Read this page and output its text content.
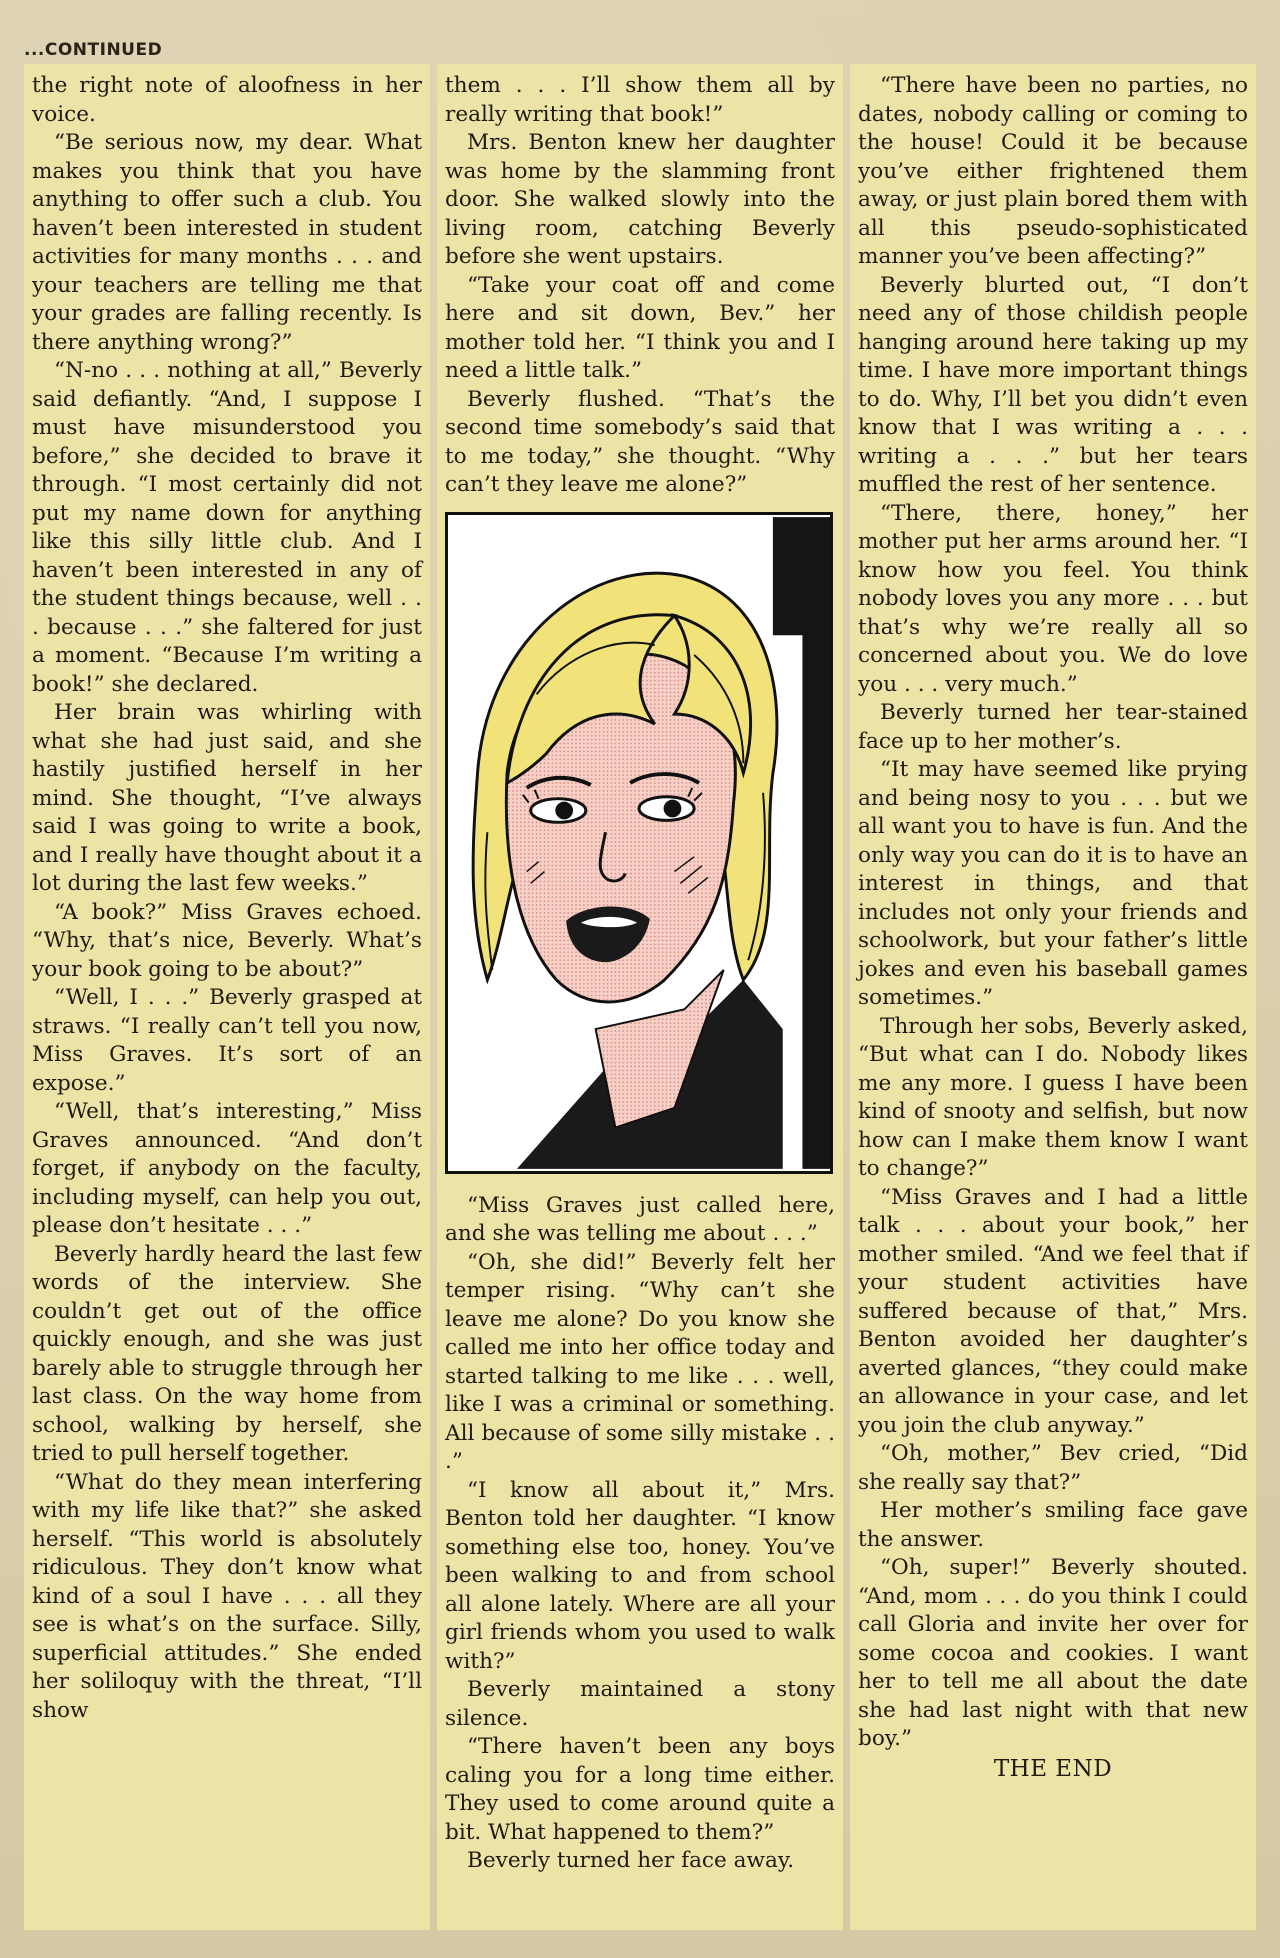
...CONTINUED

the right note of aloofness in her voice.

“Be serious now, my dear. What makes you think that you have anything to offer such a club. You haven’t been interested in student activities for many months . . . and your teachers are telling me that your grades are falling recently. Is there anything wrong?”

“N-no . . . nothing at all,” Beverly said defiantly. “And, I suppose I must have misunderstood you before,” she decided to brave it through. “I most certainly did not put my name down for anything like this silly little club. And I haven’t been interested in any of the student things because, well . . . because . . .” she faltered for just a moment. “Because I’m writing a book!” she declared.

Her brain was whirling with what she had just said, and she hastily justified herself in her mind. She thought, “I’ve always said I was going to write a book, and I really have thought about it a lot during the last few weeks.”

“A book?” Miss Graves echoed. “Why, that’s nice, Beverly. What’s your book going to be about?”

“Well, I . . .” Beverly grasped at straws. “I really can’t tell you now, Miss Graves. It’s sort of an expose.”

“Well, that’s interesting,” Miss Graves announced. “And don’t forget, if anybody on the faculty, including myself, can help you out, please don’t hesitate . . .”

Beverly hardly heard the last few words of the interview. She couldn’t get out of the office quickly enough, and she was just barely able to struggle through her last class. On the way home from school, walking by herself, she tried to pull herself together.

“What do they mean interfering with my life like that?” she asked herself. “This world is absolutely ridiculous. They don’t know what kind of a soul I have . . . all they see is what’s on the surface. Silly, superficial attitudes.” She ended her soliloquy with the threat, “I’ll show

them . . . I’ll show them all by really writing that book!”

Mrs. Benton knew her daughter was home by the slamming front door. She walked slowly into the living room, catching Beverly before she went upstairs.

“Take your coat off and come here and sit down, Bev.” her mother told her. “I think you and I need a little talk.”

Beverly flushed. “That’s the second time somebody’s said that to me today,” she thought. “Why can’t they leave me alone?”

“Miss Graves just called here, and she was telling me about . . .”

“Oh, she did!” Beverly felt her temper rising. “Why can’t she leave me alone? Do you know she called me into her office today and started talking to me like . . . well, like I was a criminal or something. All because of some silly mistake . . .”

“I know all about it,” Mrs. Benton told her daughter. “I know something else too, honey. You’ve been walking to and from school all alone lately. Where are all your girl friends whom you used to walk with?”

Beverly maintained a stony silence.

“There haven’t been any boys caling you for a long time either. They used to come around quite a bit. What happened to them?”

Beverly turned her face away.

“There have been no parties, no dates, nobody calling or coming to the house! Could it be because you’ve either frightened them away, or just plain bored them with all this pseudo-sophisticated manner you’ve been affecting?”

Beverly blurted out, “I don’t need any of those childish people hanging around here taking up my time. I have more important things to do. Why, I’ll bet you didn’t even know that I was writing a . . . writing a . . .” but her tears muffled the rest of her sentence.

“There, there, honey,” her mother put her arms around her. “I know how you feel. You think nobody loves you any more . . . but that’s why we’re really all so concerned about you. We do love you . . . very much.”

Beverly turned her tear-stained face up to her mother’s.

“It may have seemed like prying and being nosy to you . . . but we all want you to have is fun. And the only way you can do it is to have an interest in things, and that includes not only your friends and schoolwork, but your father’s little jokes and even his baseball games sometimes.”

Through her sobs, Beverly asked, “But what can I do. Nobody likes me any more. I guess I have been kind of snooty and selfish, but now how can I make them know I want to change?”

“Miss Graves and I had a little talk . . . about your book,” her mother smiled. “And we feel that if your student activities have suffered because of that,” Mrs. Benton avoided her daughter’s averted glances, “they could make an allowance in your case, and let you join the club anyway.”

“Oh, mother,” Bev cried, “Did she really say that?”

Her mother’s smiling face gave the answer.

“Oh, super!” Beverly shouted. “And, mom . . . do you think I could call Gloria and invite her over for some cocoa and cookies. I want her to tell me all about the date she had last night with that new boy.”

THE END
